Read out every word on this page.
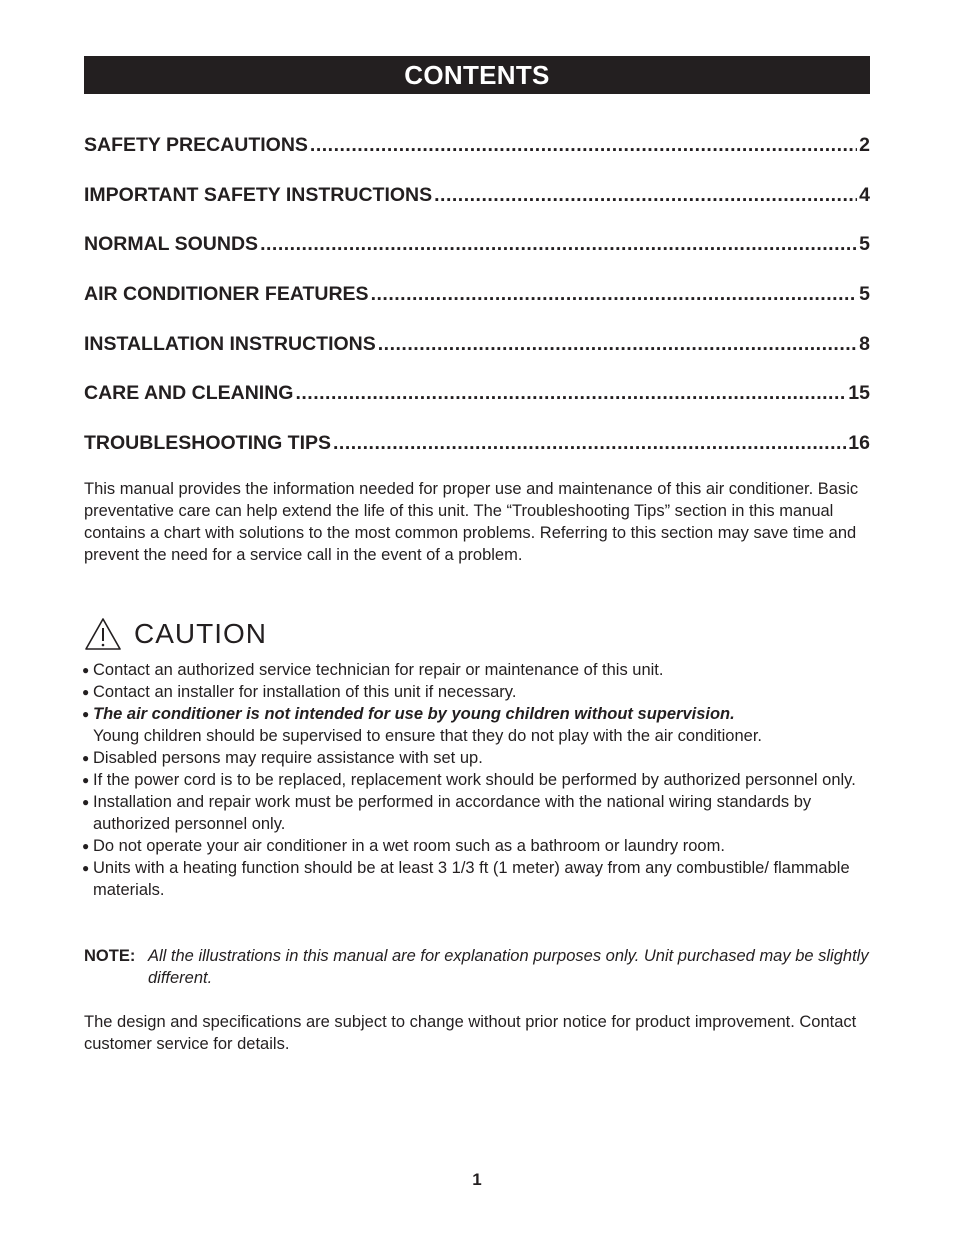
CONTENTS
SAFETY PRECAUTIONS .....	2
IMPORTANT SAFETY INSTRUCTIONS .....	4
NORMAL SOUNDS .....	5
AIR CONDITIONER FEATURES .....	5
INSTALLATION INSTRUCTIONS .....	8
CARE AND CLEANING .....	15
TROUBLESHOOTING TIPS .....	16

This manual provides the information needed for proper use and maintenance of this air conditioner. Basic preventative care can help extend the life of this unit. The “Troubleshooting Tips” section in this manual contains a chart with solutions to the most common problems. Referring to this section may save time and prevent the need for a service call in the event of a problem.

CAUTION
● Contact an authorized service technician for repair or maintenance of this unit.
● Contact an installer for installation of this unit if necessary.
● The air conditioner is not intended for use by young children without supervision.
Young children should be supervised to ensure that they do not play with the air conditioner.
● Disabled persons may require assistance with set up.
● If the power cord is to be replaced, replacement work should be performed by authorized personnel only.
● Installation and repair work must be performed in accordance with the national wiring standards by authorized personnel only.
● Do not operate your air conditioner in a wet room such as a bathroom or laundry room.
● Units with a heating function should be at least 3 1/3 ft (1 meter) away from any combustible/ flammable materials.
NOTE: All the illustrations in this manual are for explanation purposes only. Unit purchased may be slightly different.

The design and specifications are subject to change without prior notice for product improvement. Contact customer service for details.

1
